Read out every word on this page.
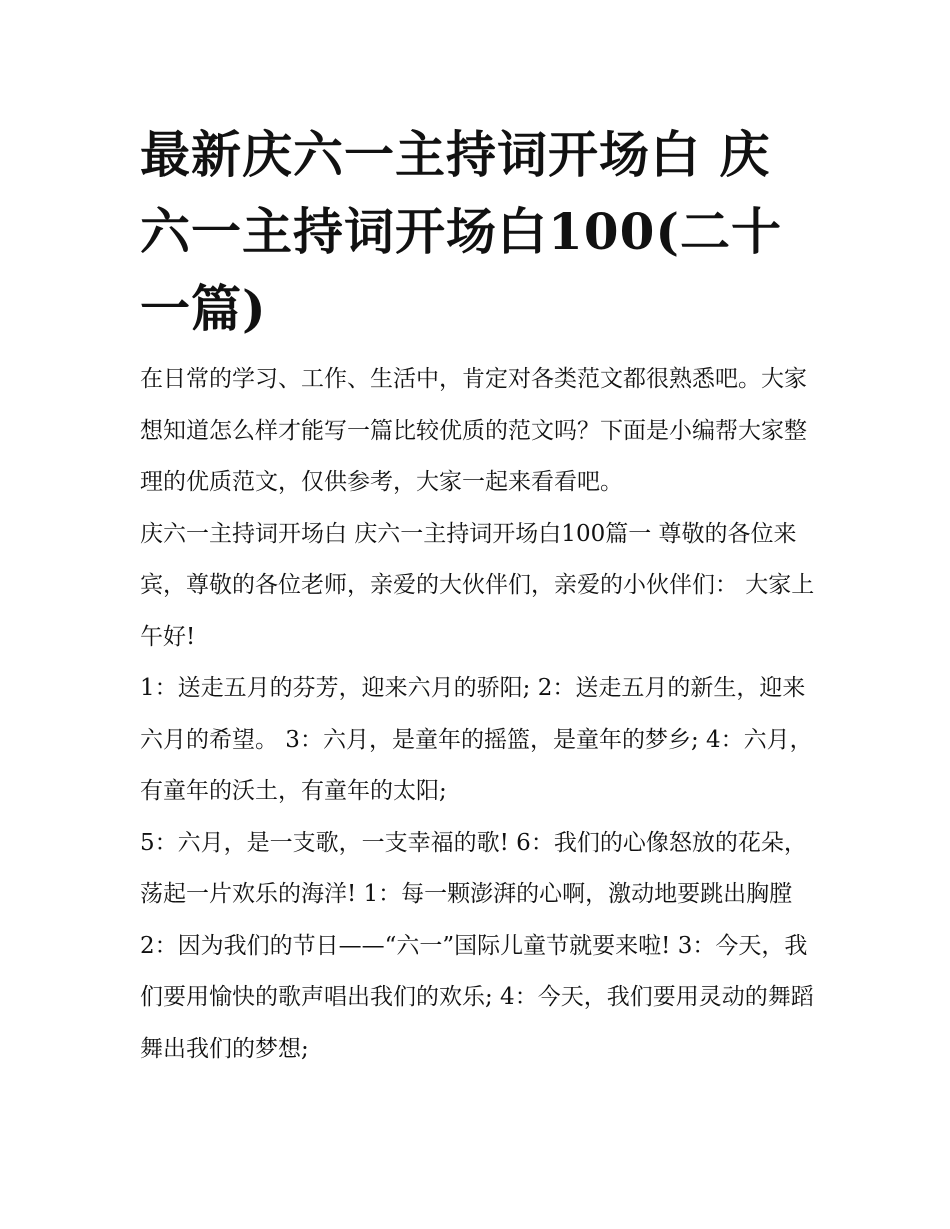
最新庆六一主持词开场白 庆六一主持词开场白100(二十一篇)

在日常的学习、工作、生活中，肯定对各类范文都很熟悉吧。大家想知道怎么样才能写一篇比较优质的范文吗？下面是小编帮大家整理的优质范文，仅供参考，大家一起来看看吧。

庆六一主持词开场白 庆六一主持词开场白100篇一 尊敬的各位来宾，尊敬的各位老师，亲爱的大伙伴们，亲爱的小伙伴们： 大家上午好!

1：送走五月的芬芳，迎来六月的骄阳; 2：送走五月的新生，迎来六月的希望。 3：六月，是童年的摇篮，是童年的梦乡; 4：六月，有童年的沃土，有童年的太阳;

5：六月，是一支歌，一支幸福的歌! 6：我们的心像怒放的花朵，荡起一片欢乐的海洋! 1：每一颗澎湃的心啊，激动地要跳出胸膛

2：因为我们的节日——“六一”国际儿童节就要来啦! 3：今天，我们要用愉快的歌声唱出我们的欢乐; 4：今天，我们要用灵动的舞蹈舞出我们的梦想;
